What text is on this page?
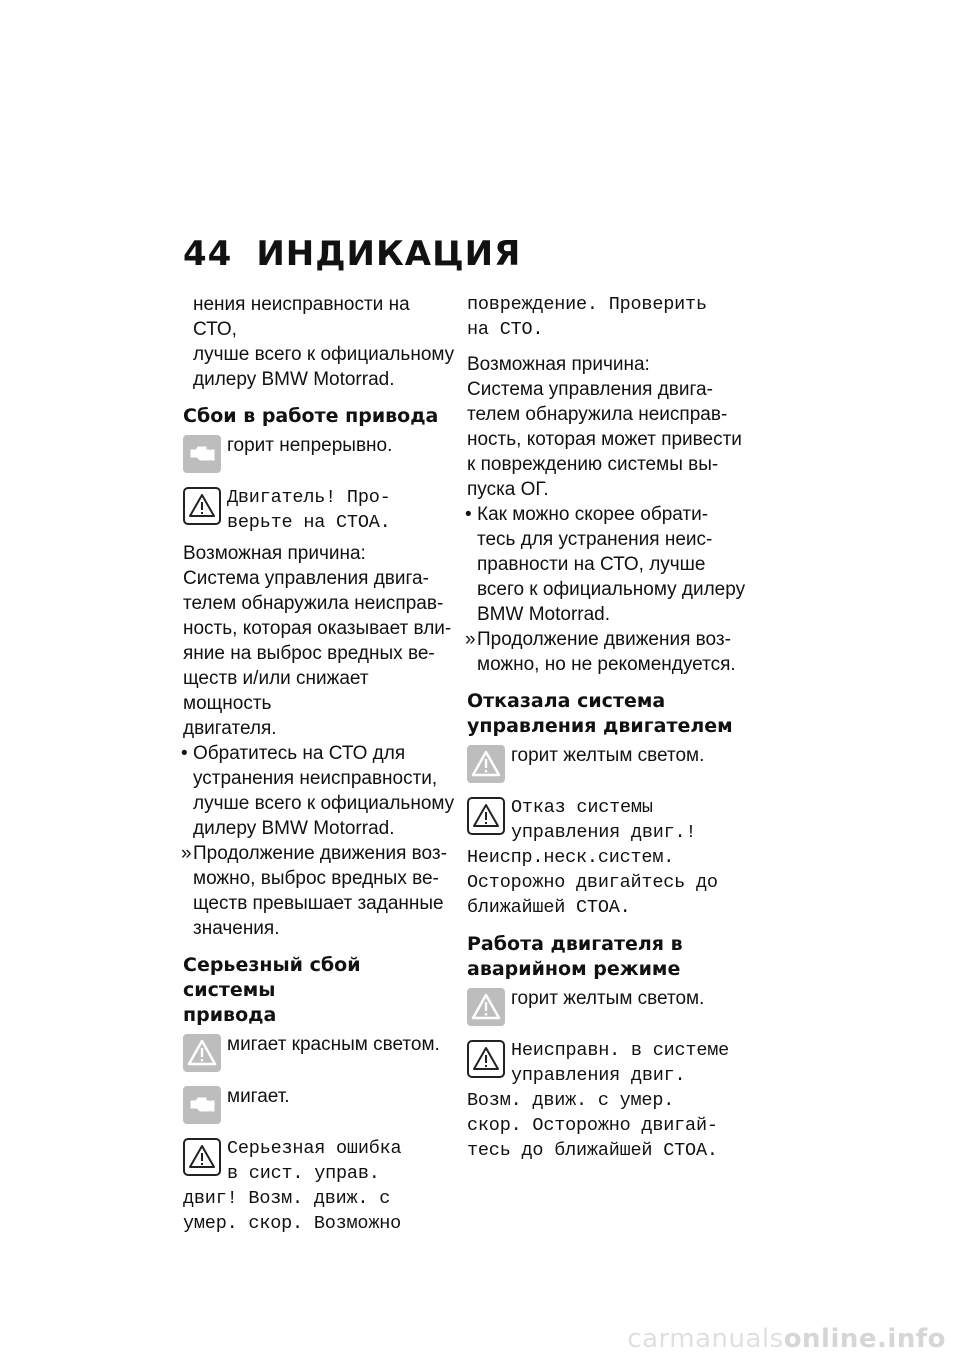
44 ИНДИКАЦИЯ

нения неисправности на СТО,

лучше всего к официальному

дилеру BMW Motorrad.

Сбои в работе привода

горит непрерывно.

Двигатель! Про-

верьте на СТОА.

Возможная причина:

Система управления двига-

телем обнаружила неисправ-

ность, которая оказывает вли-

яние на выброс вредных ве-

ществ и/или снижает мощность

двигателя.

• Обратитесь на СТО для

устранения неисправности,

лучше всего к официальному

дилеру BMW Motorrad.

» Продолжение движения воз-

можно, выброс вредных ве-

ществ превышает заданные

значения.

Серьезный сбой системы
привода

мигает красным светом.

мигает.

Серьезная ошибка

в сист. управ.

двиг! Возм. движ. с

умер. скор. Возможно

повреждение. Проверить

на СТО.

Возможная причина:

Система управления двига-

телем обнаружила неисправ-

ность, которая может привести

к повреждению системы вы-

пуска ОГ.

• Как можно скорее обрати-

тесь для устранения неис-

правности на СТО, лучше

всего к официальному дилеру

BMW Motorrad.

» Продолжение движения воз-

можно, но не рекомендуется.

Отказала система
управления двигателем

горит желтым светом.

Отказ системы

управления двиг.!

Неиспр.неск.систем.

Осторожно двигайтесь до

ближайшей СТОА.

Работа двигателя в
аварийном режиме

горит желтым светом.

Неисправн. в системе

управления двиг.

Возм. движ. с умер.

скор. Осторожно двигай-

тесь до ближайшей СТОА.

carmanualsonline.info
